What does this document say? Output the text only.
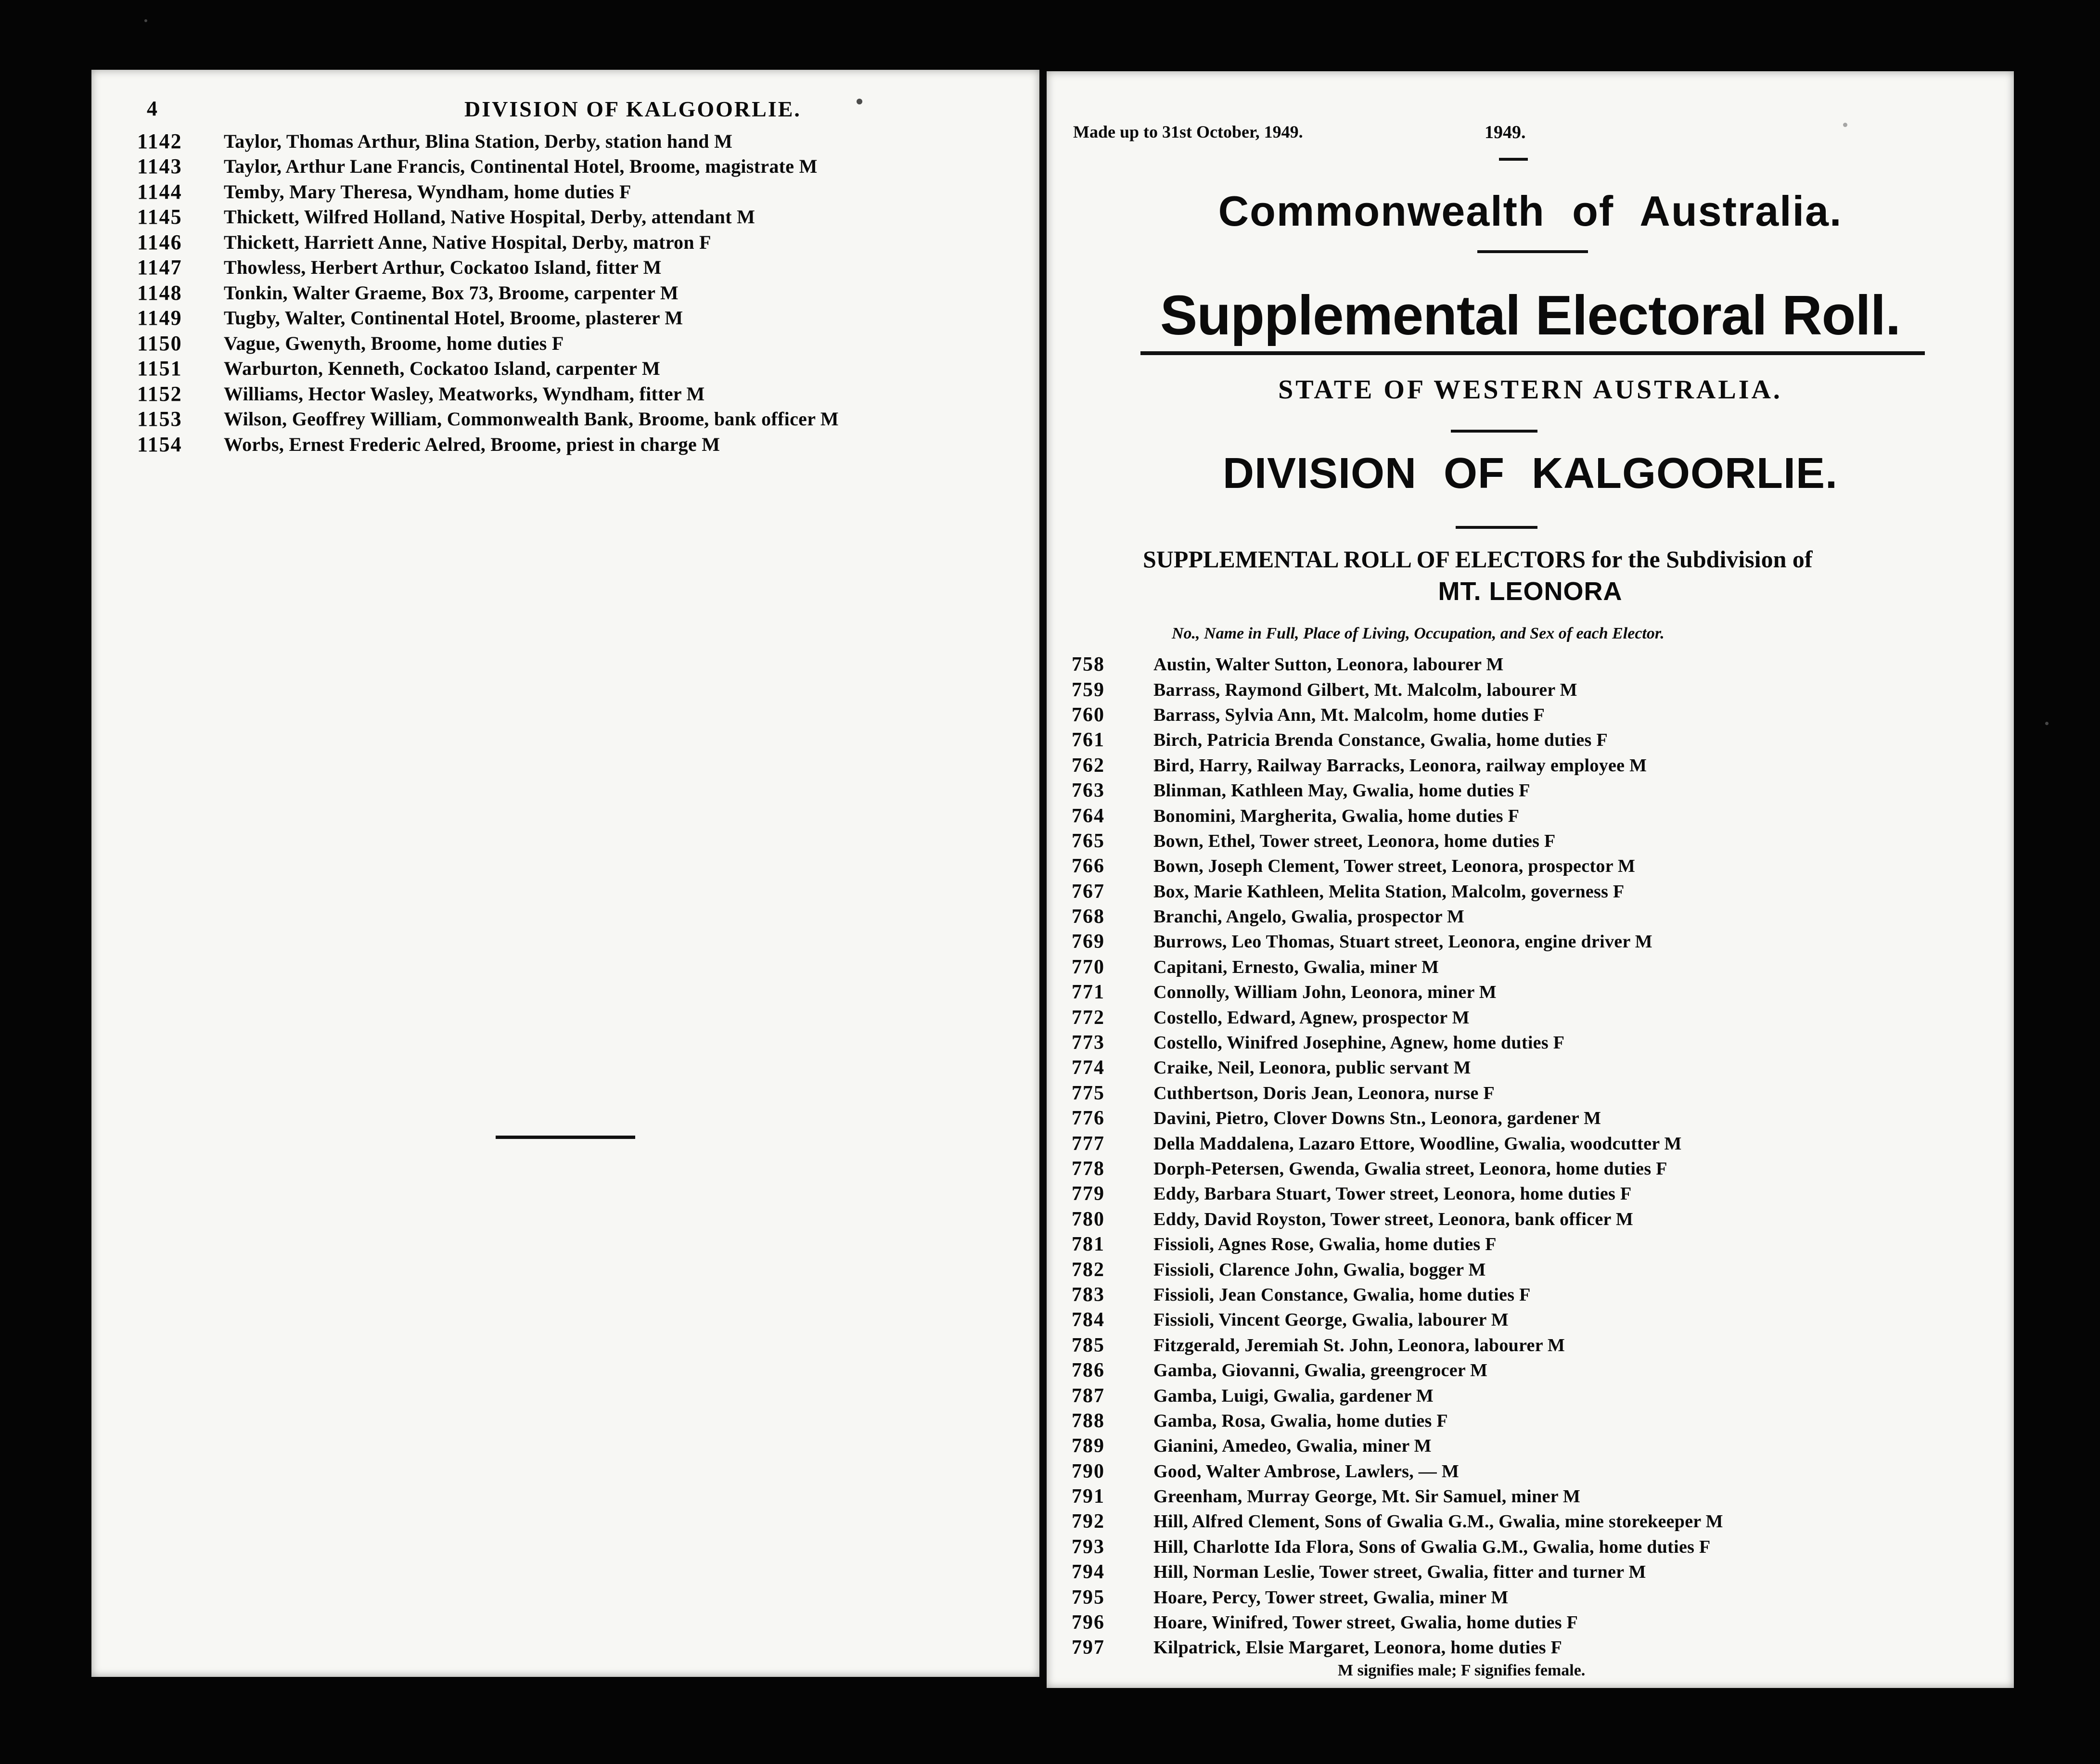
4	DIVISION OF KALGOORLIE.
1142	Taylor, Thomas Arthur, Blina Station, Derby, station hand M
1143	Taylor, Arthur Lane Francis, Continental Hotel, Broome, magistrate M
1144	Temby, Mary Theresa, Wyndham, home duties F
1145	Thickett, Wilfred Holland, Native Hospital, Derby, attendant M
1146	Thickett, Harriett Anne, Native Hospital, Derby, matron F
1147	Thowless, Herbert Arthur, Cockatoo Island, fitter M
1148	Tonkin, Walter Graeme, Box 73, Broome, carpenter M
1149	Tugby, Walter, Continental Hotel, Broome, plasterer M
1150	Vague, Gwenyth, Broome, home duties F
1151	Warburton, Kenneth, Cockatoo Island, carpenter M
1152	Williams, Hector Wasley, Meatworks, Wyndham, fitter M
1153	Wilson, Geoffrey William, Commonwealth Bank, Broome, bank officer M
1154	Worbs, Ernest Frederic Aelred, Broome, priest in charge M
Made up to 31st October, 1949.	1949.
Commonwealth of Australia.
Supplemental Electoral Roll.
STATE OF WESTERN AUSTRALIA.
DIVISION OF KALGOORLIE.
SUPPLEMENTAL ROLL OF ELECTORS for the Subdivision of
MT. LEONORA
No., Name in Full, Place of Living, Occupation, and Sex of each Elector.
758	Austin, Walter Sutton, Leonora, labourer M
759	Barrass, Raymond Gilbert, Mt. Malcolm, labourer M
760	Barrass, Sylvia Ann, Mt. Malcolm, home duties F
761	Birch, Patricia Brenda Constance, Gwalia, home duties F
762	Bird, Harry, Railway Barracks, Leonora, railway employee M
763	Blinman, Kathleen May, Gwalia, home duties F
764	Bonomini, Margherita, Gwalia, home duties F
765	Bown, Ethel, Tower street, Leonora, home duties F
766	Bown, Joseph Clement, Tower street, Leonora, prospector M
767	Box, Marie Kathleen, Melita Station, Malcolm, governess F
768	Branchi, Angelo, Gwalia, prospector M
769	Burrows, Leo Thomas, Stuart street, Leonora, engine driver M
770	Capitani, Ernesto, Gwalia, miner M
771	Connolly, William John, Leonora, miner M
772	Costello, Edward, Agnew, prospector M
773	Costello, Winifred Josephine, Agnew, home duties F
774	Craike, Neil, Leonora, public servant M
775	Cuthbertson, Doris Jean, Leonora, nurse F
776	Davini, Pietro, Clover Downs Stn., Leonora, gardener M
777	Della Maddalena, Lazaro Ettore, Woodline, Gwalia, woodcutter M
778	Dorph-Petersen, Gwenda, Gwalia street, Leonora, home duties F
779	Eddy, Barbara Stuart, Tower street, Leonora, home duties F
780	Eddy, David Royston, Tower street, Leonora, bank officer M
781	Fissioli, Agnes Rose, Gwalia, home duties F
782	Fissioli, Clarence John, Gwalia, bogger M
783	Fissioli, Jean Constance, Gwalia, home duties F
784	Fissioli, Vincent George, Gwalia, labourer M
785	Fitzgerald, Jeremiah St. John, Leonora, labourer M
786	Gamba, Giovanni, Gwalia, greengrocer M
787	Gamba, Luigi, Gwalia, gardener M
788	Gamba, Rosa, Gwalia, home duties F
789	Gianini, Amedeo, Gwalia, miner M
790	Good, Walter Ambrose, Lawlers, — M
791	Greenham, Murray George, Mt. Sir Samuel, miner M
792	Hill, Alfred Clement, Sons of Gwalia G.M., Gwalia, mine storekeeper M
793	Hill, Charlotte Ida Flora, Sons of Gwalia G.M., Gwalia, home duties F
794	Hill, Norman Leslie, Tower street, Gwalia, fitter and turner M
795	Hoare, Percy, Tower street, Gwalia, miner M
796	Hoare, Winifred, Tower street, Gwalia, home duties F
797	Kilpatrick, Elsie Margaret, Leonora, home duties F
M signifies male; F signifies female.
